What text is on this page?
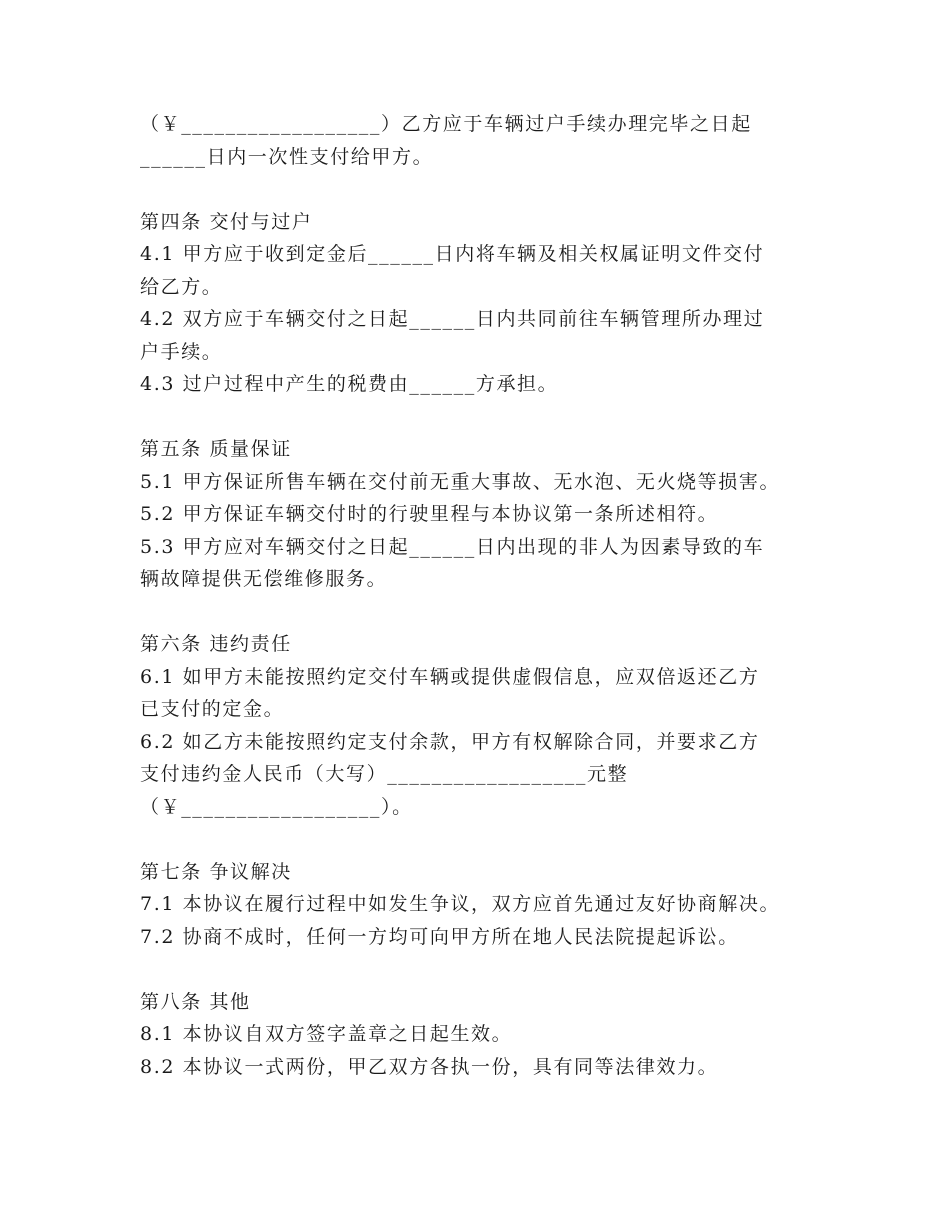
（￥__________________）乙方应于车辆过户手续办理完毕之日起
______日内一次性支付给甲方。
第四条 交付与过户
4.1 甲方应于收到定金后______日内将车辆及相关权属证明文件交付
给乙方。
4.2 双方应于车辆交付之日起______日内共同前往车辆管理所办理过
户手续。
4.3 过户过程中产生的税费由______方承担。
第五条 质量保证
5.1 甲方保证所售车辆在交付前无重大事故、无水泡、无火烧等损害。
5.2 甲方保证车辆交付时的行驶里程与本协议第一条所述相符。
5.3 甲方应对车辆交付之日起______日内出现的非人为因素导致的车
辆故障提供无偿维修服务。
第六条 违约责任
6.1 如甲方未能按照约定交付车辆或提供虚假信息，应双倍返还乙方
已支付的定金。
6.2 如乙方未能按照约定支付余款，甲方有权解除合同，并要求乙方
支付违约金人民币（大写）__________________元整
（￥__________________）。
第七条 争议解决
7.1 本协议在履行过程中如发生争议，双方应首先通过友好协商解决。
7.2 协商不成时，任何一方均可向甲方所在地人民法院提起诉讼。
第八条 其他
8.1 本协议自双方签字盖章之日起生效。
8.2 本协议一式两份，甲乙双方各执一份，具有同等法律效力。
